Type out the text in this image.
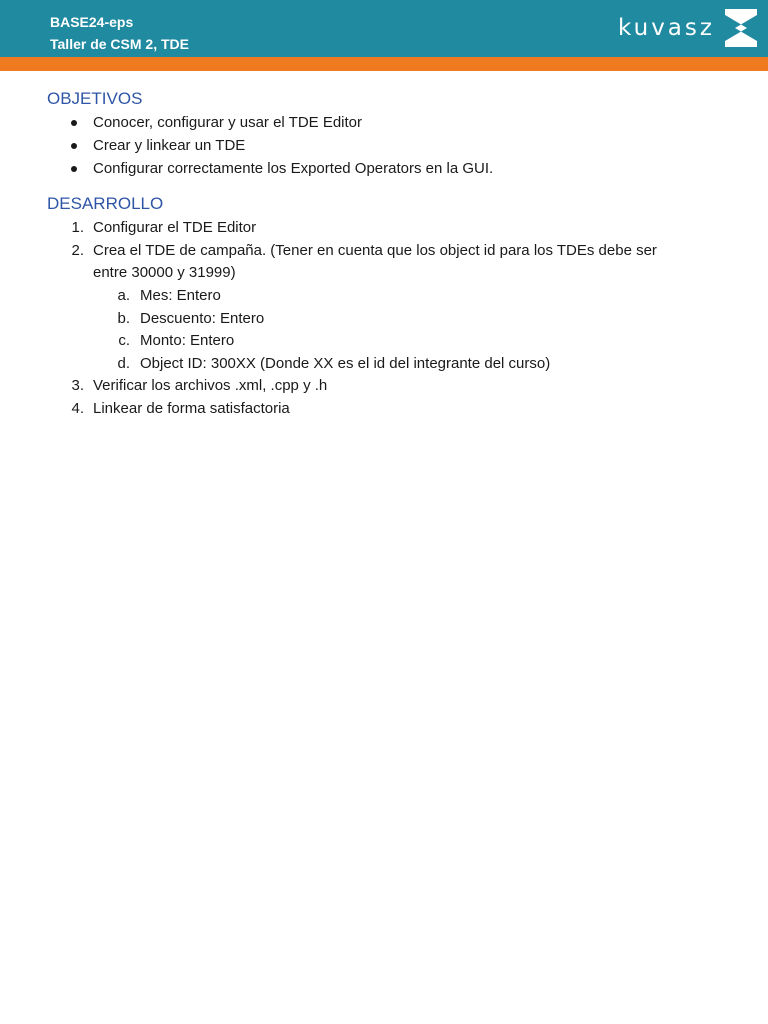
BASE24-eps
Taller de CSM 2, TDE
kuvasz
OBJETIVOS
Conocer, configurar y usar el TDE Editor
Crear y linkear un TDE
Configurar correctamente los Exported Operators en la GUI.
DESARROLLO
1. Configurar el TDE Editor
2. Crea el TDE de campaña. (Tener en cuenta que los object id para los TDEs debe ser
entre 30000 y 31999)
a. Mes: Entero
b. Descuento: Entero
c. Monto: Entero
d. Object ID: 300XX (Donde XX es el id del integrante del curso)
3. Verificar los archivos .xml, .cpp y .h
4. Linkear de forma satisfactoria
